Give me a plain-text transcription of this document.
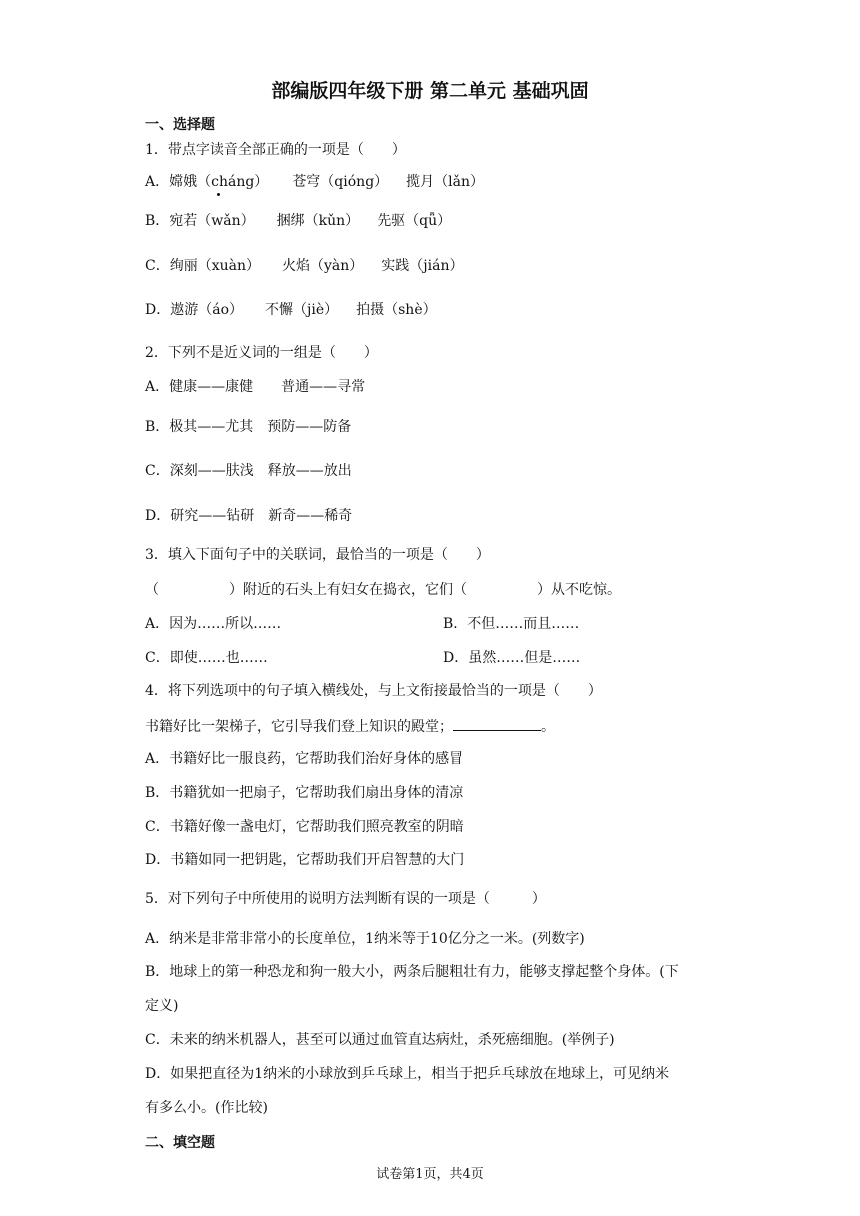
部编版四年级下册 第二单元 基础巩固
一、选择题
1．带点字读音全部正确的一项是（　　）
A．嫦娥（cháng） 苍穹（qióng） 揽月（lǎn）
B．宛若（wǎn） 捆绑（kǔn） 先驱（qǖ）
C．绚丽（xuàn） 火焰（yàn） 实践（jián）
D．遨游（áo） 不懈（jiè） 拍摄（shè）
2．下列不是近义词的一组是（　　）
A．健康——康健 普通——寻常
B．极其——尤其 预防——防备
C．深刻——肤浅 释放——放出
D．研究——钻研 新奇——稀奇
3．填入下面句子中的关联词，最恰当的一项是（　　）
（　　　　　）附近的石头上有妇女在捣衣，它们（　　　　　）从不吃惊。
A．因为……所以……	B．不但……而且……
C．即使……也……	D．虽然……但是……
4．将下列选项中的句子填入横线处，与上文衔接最恰当的一项是（　　）
书籍好比一架梯子，它引导我们登上知识的殿堂；	。
A．书籍好比一服良药，它帮助我们治好身体的感冒
B．书籍犹如一把扇子，它帮助我们扇出身体的清凉
C．书籍好像一盏电灯，它帮助我们照亮教室的阴暗
D．书籍如同一把钥匙，它帮助我们开启智慧的大门
5．对下列句子中所使用的说明方法判断有误的一项是（　　　）
A．纳米是非常非常小的长度单位，1纳米等于10亿分之一米。(列数字)
B．地球上的第一种恐龙和狗一般大小，两条后腿粗壮有力，能够支撑起整个身体。(下
定义)
C．未来的纳米机器人，甚至可以通过血管直达病灶，杀死癌细胞。(举例子)
D．如果把直径为1纳米的小球放到乒乓球上，相当于把乒乓球放在地球上，可见纳米
有多么小。(作比较)
二、填空题
试卷第1页，共4页
